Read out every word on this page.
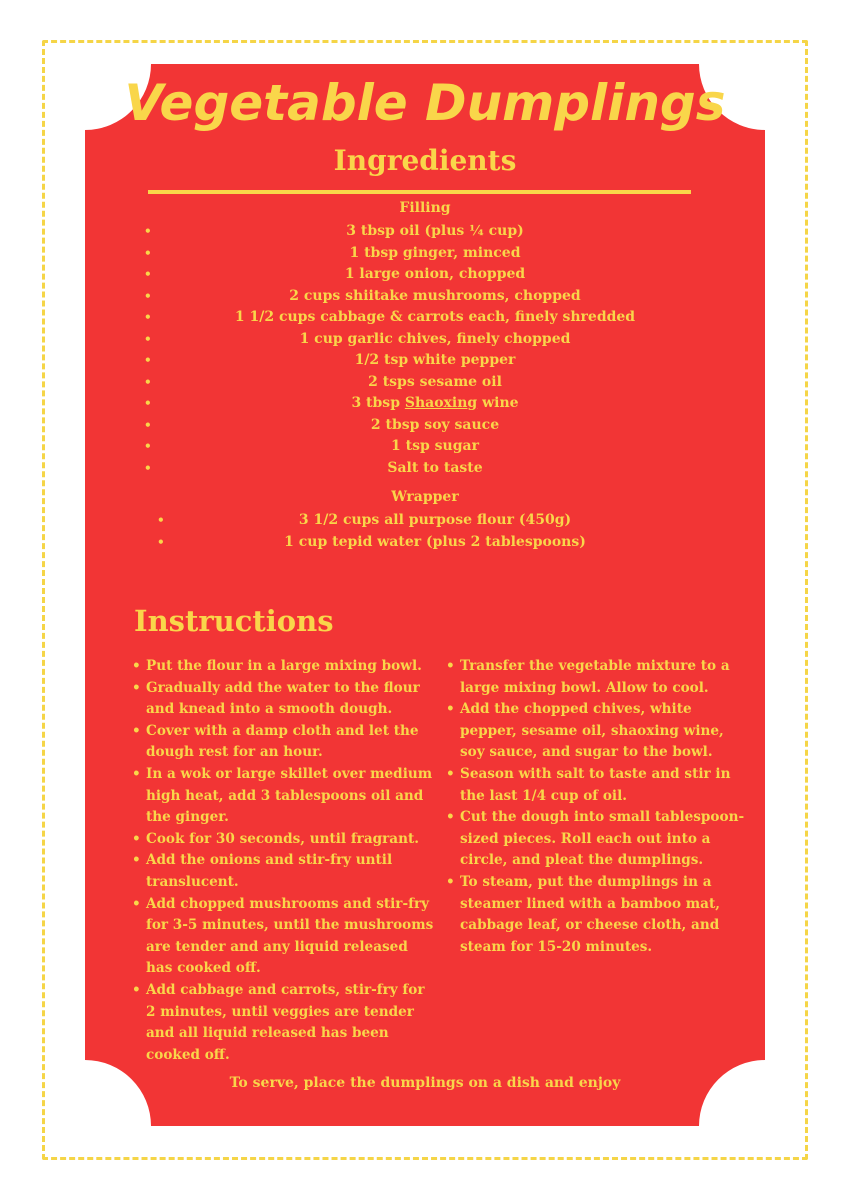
Vegetable Dumplings
Ingredients
Filling
•	3 tbsp oil (plus ¼ cup)
•	1 tbsp ginger, minced
•	1 large onion, chopped
•	2 cups shiitake mushrooms, chopped
•	1 1/2 cups cabbage & carrots each, finely shredded
•	1 cup garlic chives, finely chopped
•	1/2 tsp white pepper
•	2 tsps sesame oil
•	3 tbsp Shaoxing wine
•	2 tbsp soy sauce
•	1 tsp sugar
•	Salt to taste
Wrapper
•	3 1/2 cups all purpose flour (450g)
•	1 cup tepid water (plus 2 tablespoons)
Instructions
• Put the flour in a large mixing bowl.
• Gradually add the water to the flour and knead into a smooth dough.
• Cover with a damp cloth and let the dough rest for an hour.
• In a wok or large skillet over medium high heat, add 3 tablespoons oil and the ginger.
• Cook for 30 seconds, until fragrant.
• Add the onions and stir-fry until translucent.
• Add chopped mushrooms and stir-fry for 3-5 minutes, until the mushrooms are tender and any liquid released has cooked off.
• Add cabbage and carrots, stir-fry for 2 minutes, until veggies are tender and all liquid released has been cooked off.
• Transfer the vegetable mixture to a large mixing bowl. Allow to cool.
• Add the chopped chives, white pepper, sesame oil, shaoxing wine, soy sauce, and sugar to the bowl.
• Season with salt to taste and stir in the last 1/4 cup of oil.
• Cut the dough into small tablespoon-sized pieces. Roll each out into a circle, and pleat the dumplings.
• To steam, put the dumplings in a steamer lined with a bamboo mat, cabbage leaf, or cheese cloth, and steam for 15-20 minutes.
To serve, place the dumplings on a dish and enjoy
